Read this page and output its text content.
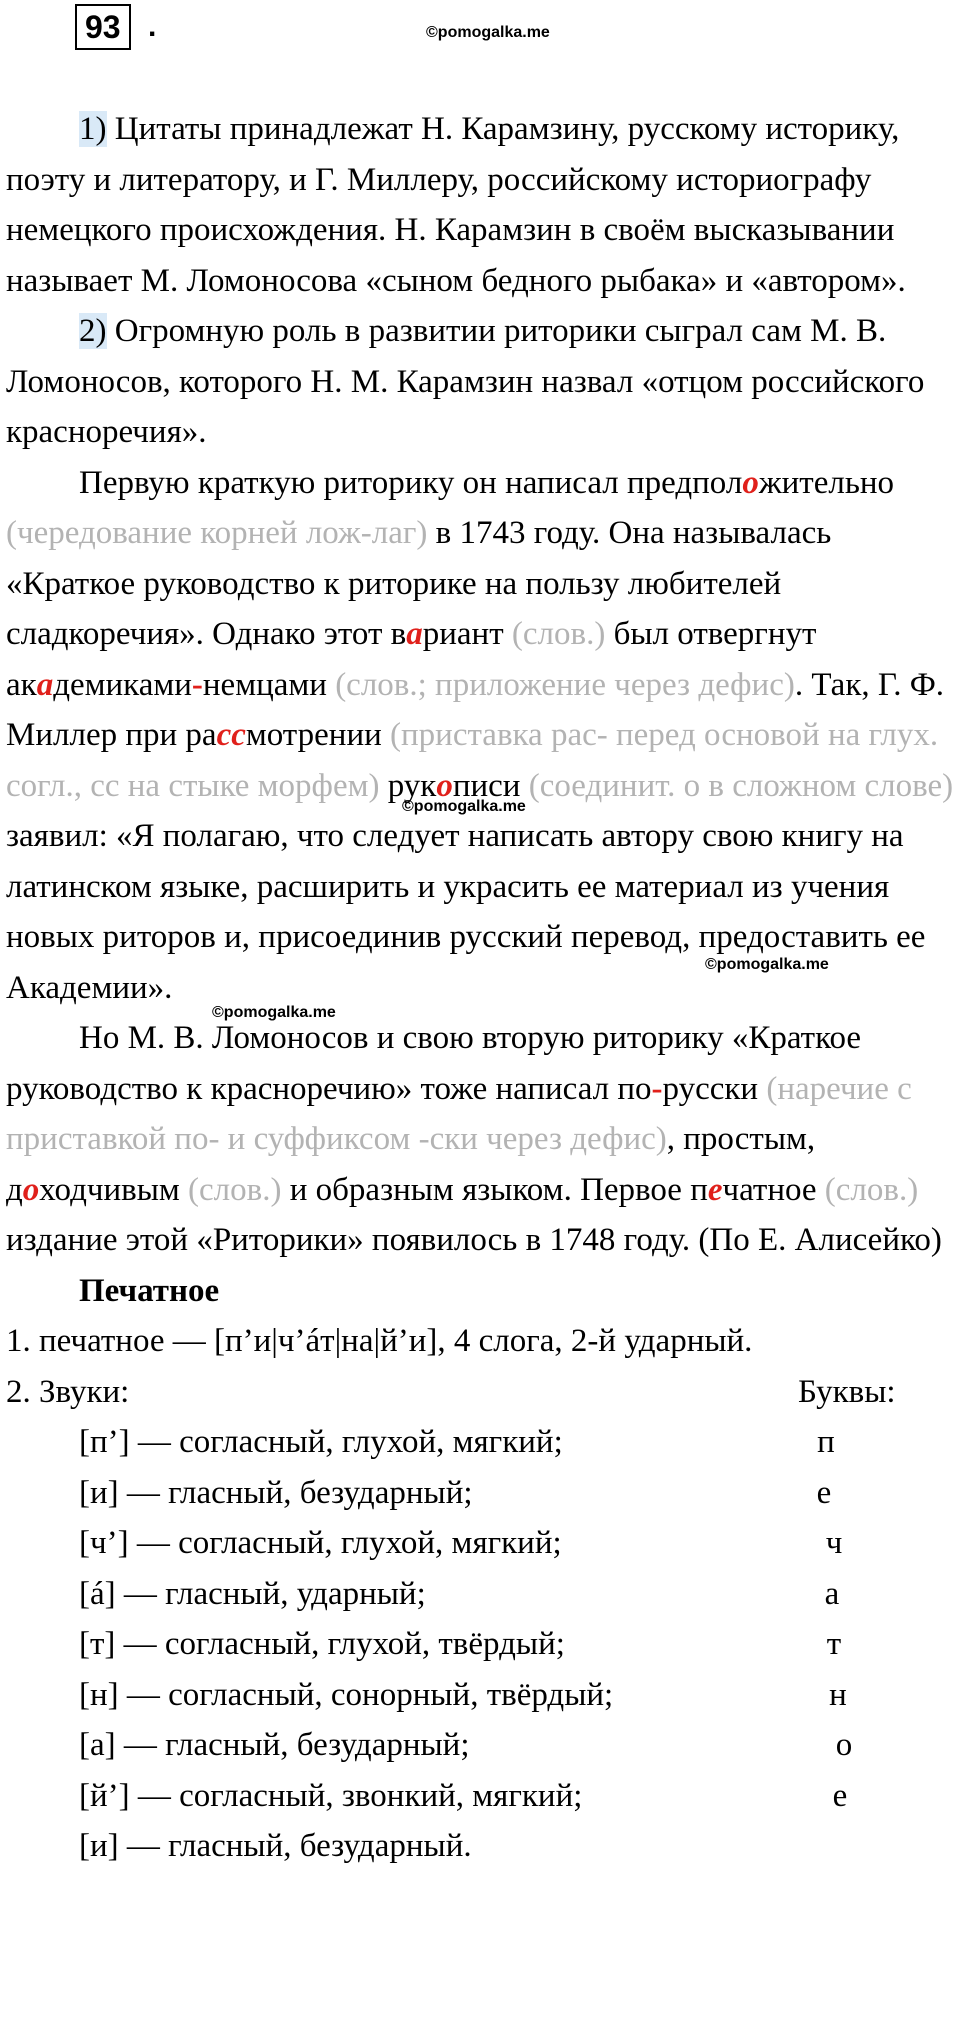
93 .	©pomogalka.me
©pomogalka.me
©pomogalka.me
©pomogalka.me

1) Цитаты принадлежат Н. Карамзину, русскому историку, поэту и литератору, и Г. Миллеру, российскому историографу немецкого происхождения. Н. Карамзин в своём высказывании называет М. Ломоносова «сыном бедного рыбака» и «автором».

2) Огромную роль в развитии риторики сыграл сам М. В. Ломоносов, которого Н. М. Карамзин назвал «отцом российского красноречия».

Первую краткую риторику он написал предположительно (чередование корней лож-лаг) в 1743 году. Она называлась «Краткое руководство к риторике на пользу любителей сладкоречия». Однако этот вариант (слов.) был отвергнут академиками-немцами (слов.; приложение через дефис). Так, Г. Ф. Миллер при рассмотрении (приставка рас- перед основой на глух. согл., сс на стыке морфем) рукописи (соединит. о в сложном слове) заявил: «Я полагаю, что следует написать автору свою книгу на латинском языке, расширить и украсить ее материал из учения новых риторов и, присоединив русский перевод, предоставить ее Академии».

Но М. В. Ломоносов и свою вторую риторику «Краткое руководство к красноречию» тоже написал по-русски (наречие с приставкой по- и суффиксом -ски через дефис), простым, доходчивым (слов.) и образным языком. Первое печатное (слов.) издание этой «Риторики» появилось в 1748 году. (По Е. Алисейко)

Печатное
1. печатное — [п’и|ч’áт|на|й’и], 4 слога, 2-й ударный.
2. Звуки:	Буквы:
[п’] — согласный, глухой, мягкий;	п
[и] — гласный, безударный;	е
[ч’] — согласный, глухой, мягкий;	ч
[á] — гласный, ударный;	а
[т] — согласный, глухой, твёрдый;	т
[н] — согласный, сонорный, твёрдый;	н
[а] — гласный, безударный;	о
[й’] — согласный, звонкий, мягкий;	е
[и] — гласный, безударный.
